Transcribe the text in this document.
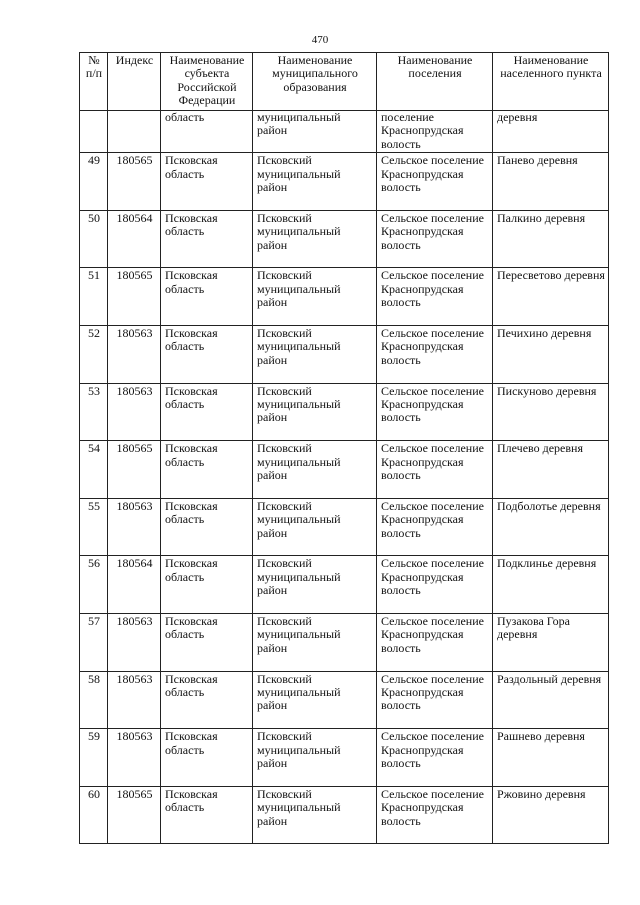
470
№ п/п	Индекс	Наименование субъекта Российской Федерации	Наименование муниципального образования	Наименование поселения	Наименование населенного пункта
		область	муниципальный район	поселение Краснопрудская волость	деревня
49	180565	Псковская область	Псковский муниципальный район	Сельское поселение Краснопрудская волость	Панево деревня
50	180564	Псковская область	Псковский муниципальный район	Сельское поселение Краснопрудская волость	Палкино деревня
51	180565	Псковская область	Псковский муниципальный район	Сельское поселение Краснопрудская волость	Пересветово деревня
52	180563	Псковская область	Псковский муниципальный район	Сельское поселение Краснопрудская волость	Печихино деревня
53	180563	Псковская область	Псковский муниципальный район	Сельское поселение Краснопрудская волость	Пискуново деревня
54	180565	Псковская область	Псковский муниципальный район	Сельское поселение Краснопрудская волость	Плечево деревня
55	180563	Псковская область	Псковский муниципальный район	Сельское поселение Краснопрудская волость	Подболотье деревня
56	180564	Псковская область	Псковский муниципальный район	Сельское поселение Краснопрудская волость	Подклинье деревня
57	180563	Псковская область	Псковский муниципальный район	Сельское поселение Краснопрудская волость	Пузакова Гора деревня
58	180563	Псковская область	Псковский муниципальный район	Сельское поселение Краснопрудская волость	Раздольный деревня
59	180563	Псковская область	Псковский муниципальный район	Сельское поселение Краснопрудская волость	Рашнево деревня
60	180565	Псковская область	Псковский муниципальный район	Сельское поселение Краснопрудская волость	Ржовино деревня
